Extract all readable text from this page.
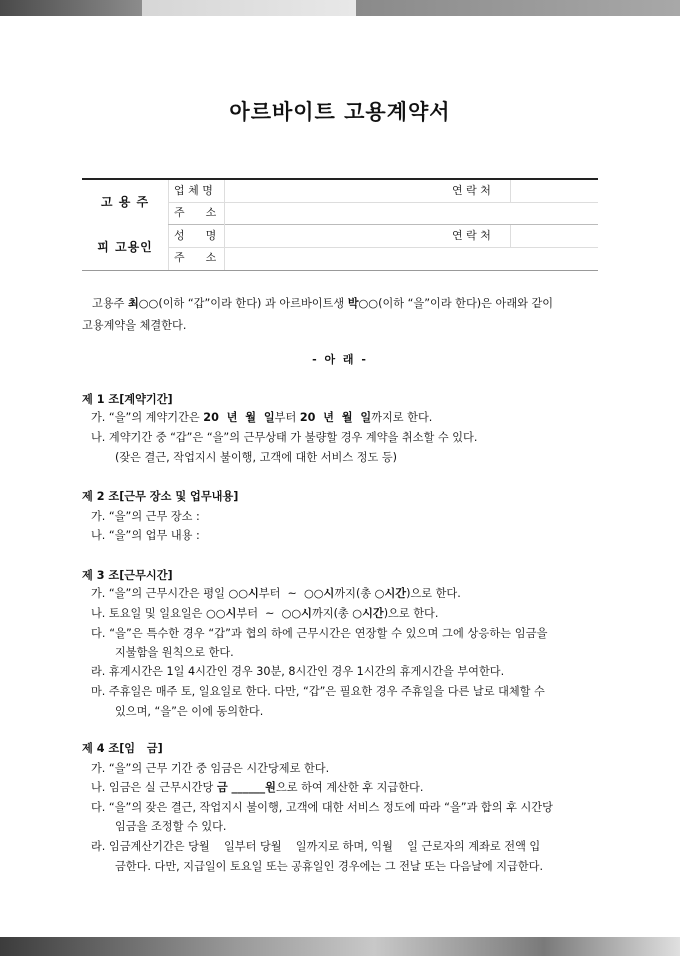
아르바이트 고용계약서
고 용 주
피 고용인
업 체 명	연 락 처
주      소
성      명	연 락 처
주      소
고용주 최○○(이하 “갑”이라 한다) 과 아르바이트생 박○○(이하 “을”이라 한다)은 아래와 같이
고용계약을 체결한다.
- 아 래 -
제 1 조[계약기간]
가. “을”의 계약기간은 20  년  월  일부터 20  년  월  일까지로 한다.
나. 계약기간 중 “갑”은 “을”의 근무상태 가 불량할 경우 계약을 취소할 수 있다.
(잦은 결근, 작업지시 불이행, 고객에 대한 서비스 정도 등)
제 2 조[근무 장소 및 업무내용]
가. “을”의 근무 장소 :
나. “을”의 업무 내용 :
제 3 조[근무시간]
가. “을”의 근무시간은 평일 ○○시부터  ~  ○○시까지(총 ○시간)으로 한다.
나. 토요일 및 일요일은 ○○시부터  ~  ○○시까지(총 ○시간)으로 한다.
다. “을”은 특수한 경우 “갑”과 협의 하에 근무시간은 연장할 수 있으며 그에 상응하는 임금을
지불함을 원칙으로 한다.
라. 휴게시간은 1일 4시간인 경우 30분, 8시간인 경우 1시간의 휴게시간을 부여한다.
마. 주휴일은 매주 토, 일요일로 한다. 다만, “갑”은 필요한 경우 주휴일을 다른 날로 대체할 수
있으며, “을”은 이에 동의한다.
제 4 조[임   금]
가. “을”의 근무 기간 중 임금은 시간당제로 한다.
나. 임금은 실 근무시간당 금 ______원으로 하여 계산한 후 지급한다.
다. “을”의 잦은 결근, 작업지시 불이행, 고객에 대한 서비스 정도에 따라 “을”과 합의 후 시간당
임금을 조정할 수 있다.
라. 임금계산기간은 당월    일부터 당월    일까지로 하며, 익월    일 근로자의 계좌로 전액 입
금한다. 다만, 지급일이 토요일 또는 공휴일인 경우에는 그 전날 또는 다음날에 지급한다.
